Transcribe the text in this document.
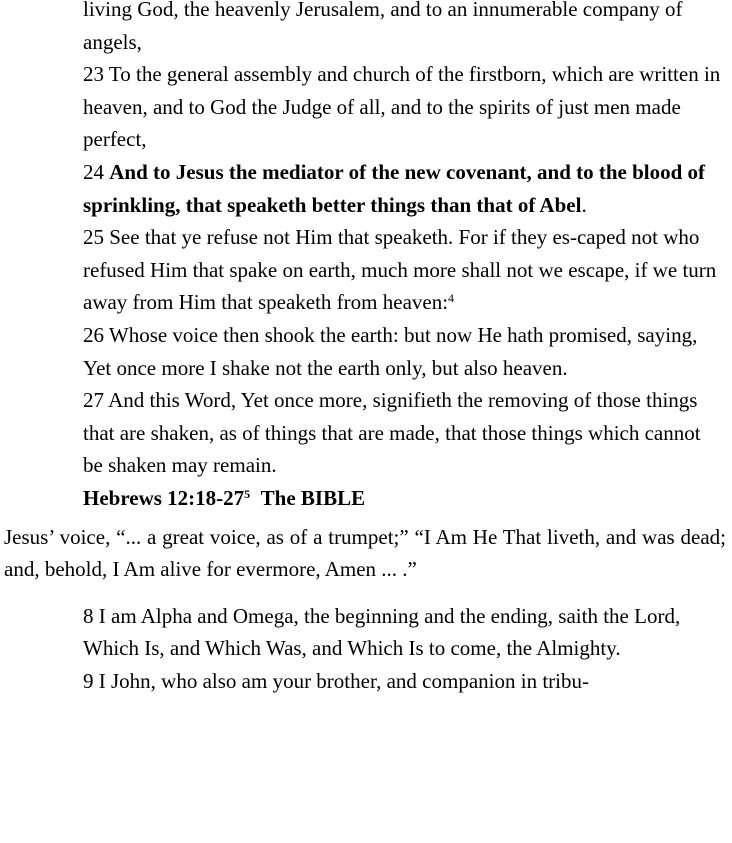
living God, the heavenly Jerusalem, and to an innumerable company of angels,

23 To the general assembly and church of the firstborn, which are written in heaven, and to God the Judge of all, and to the spirits of just men made perfect,

24 And to Jesus the mediator of the new covenant, and to the blood of sprinkling, that speaketh better things than that of Abel.

25 See that ye refuse not Him that speaketh. For if they es-caped not who refused Him that spake on earth, much more shall not we escape, if we turn away from Him that speaketh from heaven:$^4$

26 Whose voice then shook the earth: but now He hath promised, saying, Yet once more I shake not the earth only, but also heaven.

27 And this Word, Yet once more, signifieth the removing of those things that are shaken, as of things that are made, that those things which cannot be shaken may remain.

Hebrews $12:18-27^5$ The BIBLE

Jesus’ voice, “... a great voice, as of a trumpet;” “I Am He That liveth, and was dead; and, behold, I Am alive for evermore, Amen ... .”

8 I am Alpha and Omega, the beginning and the ending, saith the Lord, Which Is, and Which Was, and Which Is to come, the Almighty.

9 I John, who also am your brother, and companion in tribu-
